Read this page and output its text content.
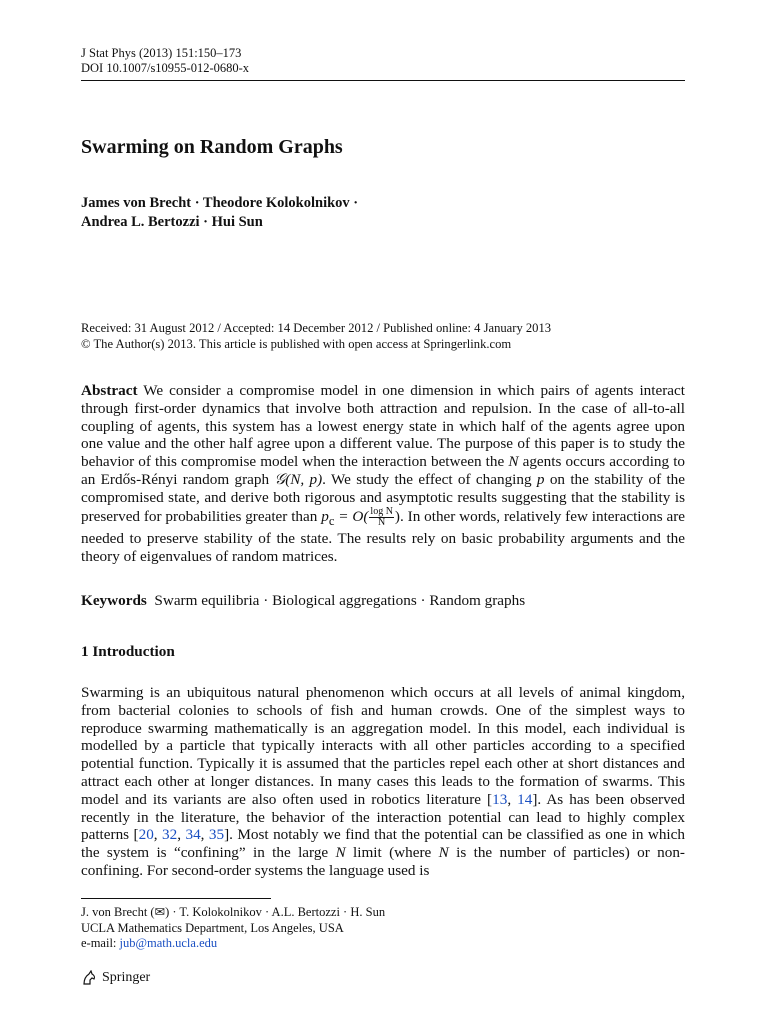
J Stat Phys (2013) 151:150–173
DOI 10.1007/s10955-012-0680-x
Swarming on Random Graphs
James von Brecht · Theodore Kolokolnikov ·
Andrea L. Bertozzi · Hui Sun
Received: 31 August 2012 / Accepted: 14 December 2012 / Published online: 4 January 2013
© The Author(s) 2013. This article is published with open access at Springerlink.com

Abstract We consider a compromise model in one dimension in which pairs of agents interact through first-order dynamics that involve both attraction and repulsion. In the case of all-to-all coupling of agents, this system has a lowest energy state in which half of the agents agree upon one value and the other half agree upon a different value. The purpose of this paper is to study the behavior of this compromise model when the interaction between the N agents occurs according to an Erdős-Rényi random graph 𝒢(N, p). We study the effect of changing p on the stability of the compromised state, and derive both rigorous and asymptotic results suggesting that the stability is preserved for probabilities greater than $p_c = O( \frac{\text{log N}}{N}$ ). In other words, relatively few interactions are needed to preserve stability of the state. The results rely on basic probability arguments and the theory of eigenvalues of random matrices.

Keywords Swarm equilibria · Biological aggregations · Random graphs
1 Introduction

Swarming is an ubiquitous natural phenomenon which occurs at all levels of animal kingdom, from bacterial colonies to schools of fish and human crowds. One of the simplest ways to reproduce swarming mathematically is an aggregation model. In this model, each individual is modelled by a particle that typically interacts with all other particles according to a specified potential function. Typically it is assumed that the particles repel each other at short distances and attract each other at longer distances. In many cases this leads to the formation of swarms. This model and its variants are also often used in robotics literature [13, 14]. As has been observed recently in the literature, the behavior of the interaction potential can lead to highly complex patterns [20, 32, 34, 35]. Most notably we find that the potential can be classified as one in which the system is “confining” in the large N limit (where N is the number of particles) or non-confining. For second-order systems the language used is

J. von Brecht (✉) · T. Kolokolnikov · A.L. Bertozzi · H. Sun
UCLA Mathematics Department, Los Angeles, USA
e-mail: jub@math.ucla.edu
Springer
